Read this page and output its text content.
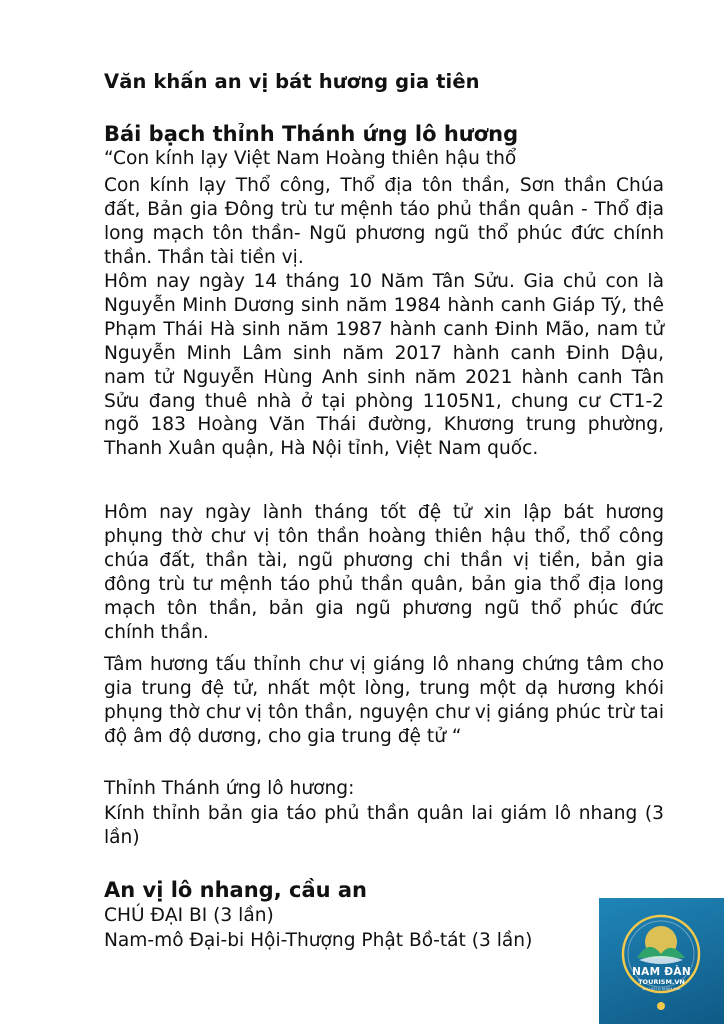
Văn khấn an vị bát hương gia tiên
Bái bạch thỉnh Thánh ứng lô hương

“Con kính lạy Việt Nam Hoàng thiên hậu thổ

Con kính lạy Thổ công, Thổ địa tôn thần, Sơn thần Chúa đất, Bản gia Đông trù tư mệnh táo phủ thần quân - Thổ địa long mạch tôn thần- Ngũ phương ngũ thổ phúc đức chính thần. Thần tài tiền vị.

Hôm nay ngày 14 tháng 10 Năm Tân Sửu. Gia chủ con là Nguyễn Minh Dương sinh năm 1984 hành canh Giáp Tý, thê Phạm Thái Hà sinh năm 1987 hành canh Đinh Mão, nam tử Nguyễn Minh Lâm sinh năm 2017 hành canh Đinh Dậu, nam tử Nguyễn Hùng Anh sinh năm 2021 hành canh Tân Sửu đang thuê nhà ở tại phòng 1105N1, chung cư CT1-2 ngõ 183 Hoàng Văn Thái đường, Khương trung phường, Thanh Xuân quận, Hà Nội tỉnh, Việt Nam quốc.

Hôm nay ngày lành tháng tốt đệ tử xin lập bát hương phụng thờ chư vị tôn thần hoàng thiên hậu thổ, thổ công chúa đất, thần tài, ngũ phương chi thần vị tiền, bản gia đông trù tư mệnh táo phủ thần quân, bản gia thổ địa long mạch tôn thần, bản gia ngũ phương ngũ thổ phúc đức chính thần.

Tâm hương tấu thỉnh chư vị giáng lô nhang chứng tâm cho gia trung đệ tử, nhất một lòng, trung một dạ hương khói phụng thờ chư vị tôn thần, nguyện chư vị giáng phúc trừ tai độ âm độ dương, cho gia trung đệ tử “

Thỉnh Thánh ứng lô hương:

Kính thỉnh bản gia táo phủ thần quân lai giám lô nhang (3 lần)

An vị lô nhang, cầu an

CHÚ ĐẠI BI (3 lần)

Nam-mô Đại-bi Hội-Thượng Phật Bồ-tát (3 lần)

NAM ĐÀN

TOURISM.VN

DU LỊCH & KHÁM PHÁ
